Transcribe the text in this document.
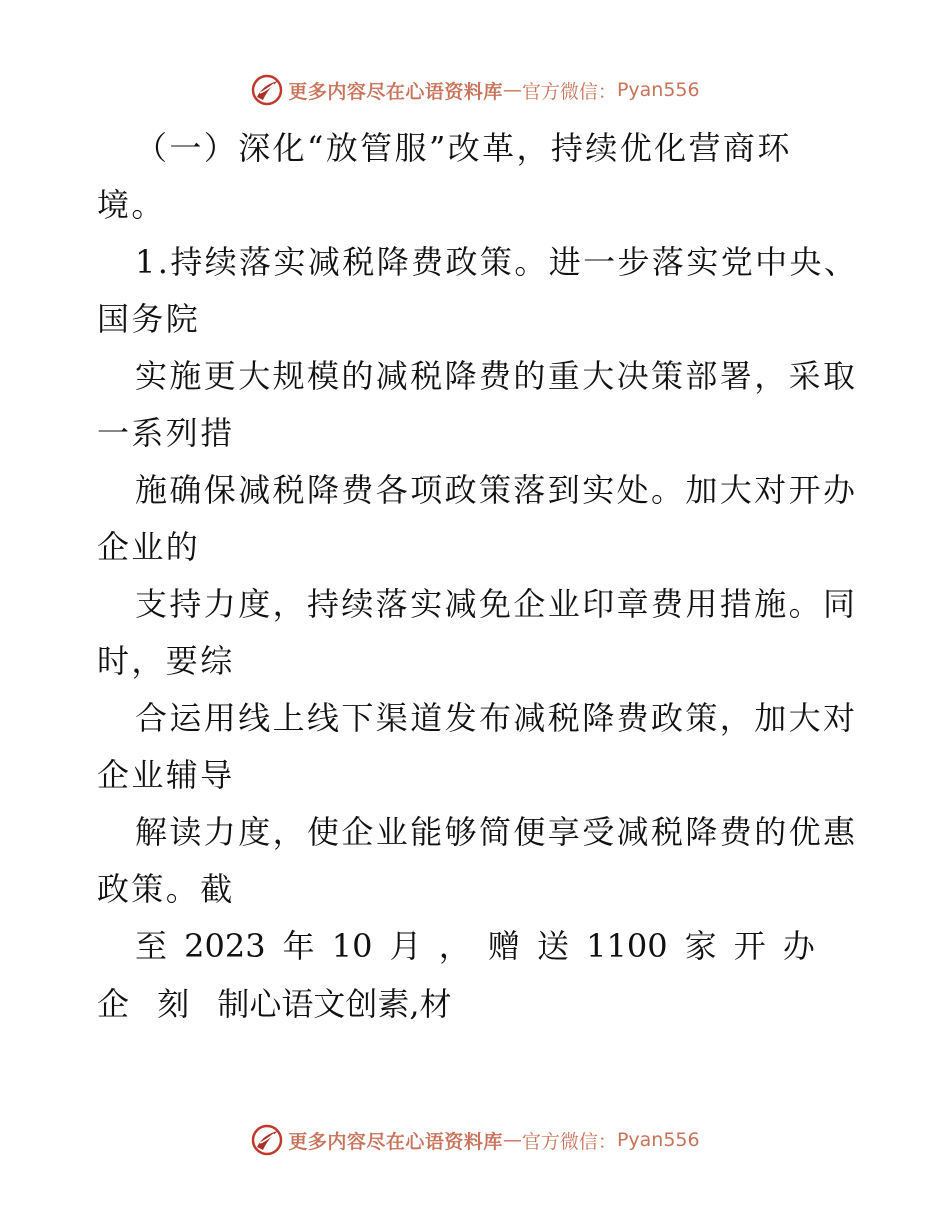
更多内容尽在心语资料库 — 官方微信： Pyan556
（一）深化“放管服”改革，持续优化营商环
境。
1.持续落实减税降费政策。进一步落实党中央、
国务院
实施更大规模的减税降费的重大决策部署，采取
一系列措
施确保减税降费各项政策落到实处。加大对开办
企业的
支持力度，持续落实减免企业印章费用措施。同
时，要综
合运用线上线下渠道发布减税降费政策，加大对
企业辅导
解读力度，使企业能够简便享受减税降费的优惠
政策。截
至 2023 年 10 月 ， 赠 送 1100 家 开 办
企 刻 制心语文创素,材
更多内容尽在心语资料库 — 官方微信： Pyan556
